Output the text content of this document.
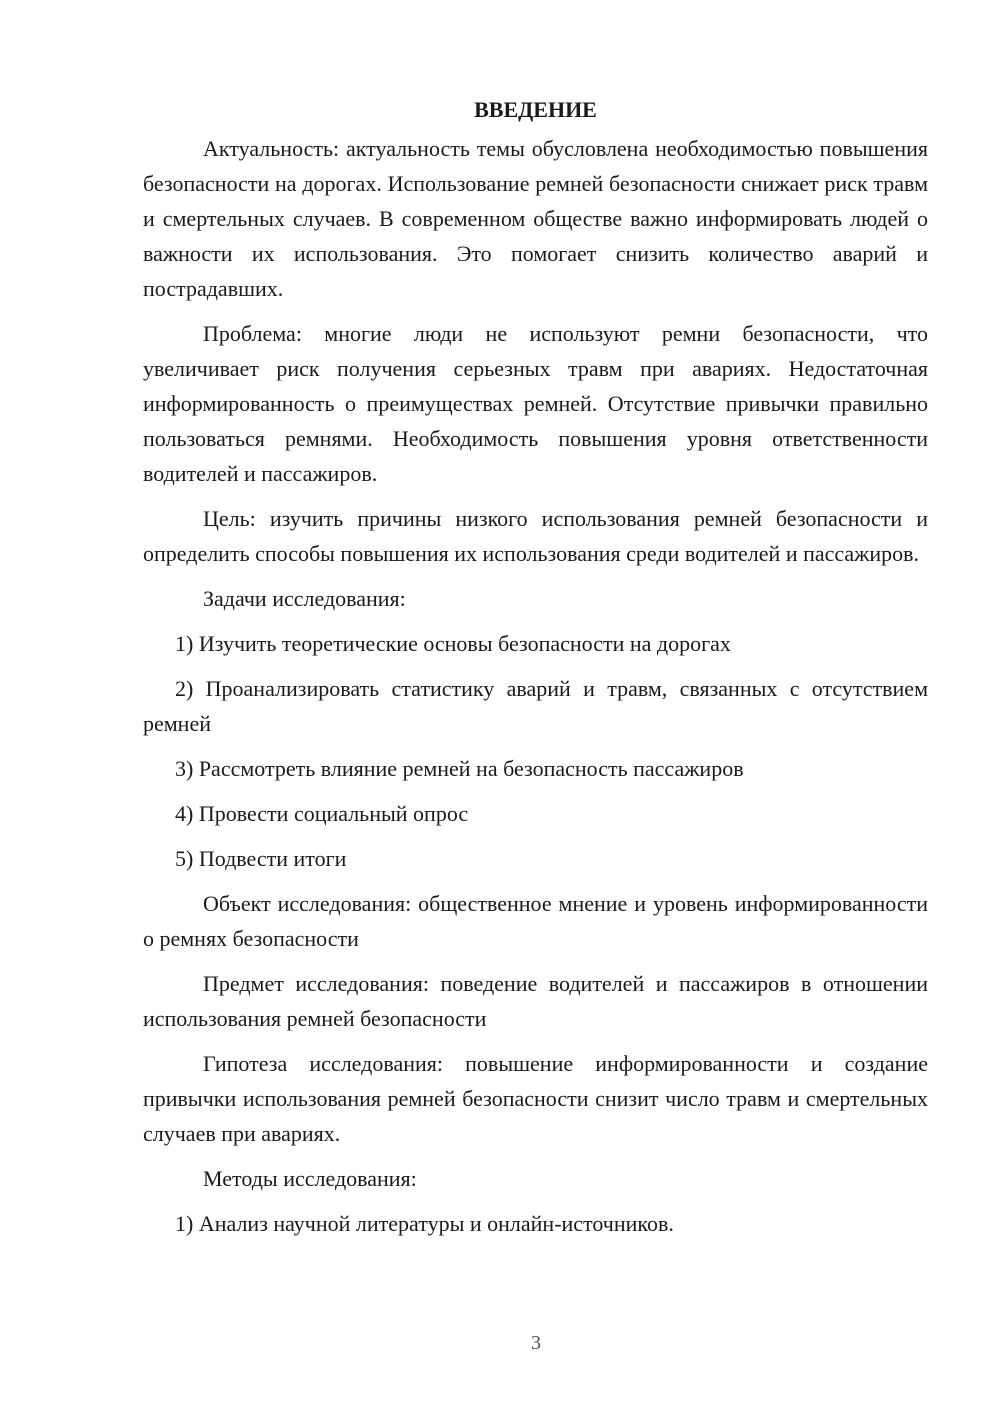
ВВЕДЕНИЕ

Актуальность: актуальность темы обусловлена необходимостью повышения безопасности на дорогах. Использование ремней безопасности снижает риск травм и смертельных случаев. В современном обществе важно информировать людей о важности их использования. Это помогает снизить количество аварий и пострадавших.

Проблема: многие люди не используют ремни безопасности, что увеличивает риск получения серьезных травм при авариях. Недостаточная информированность о преимуществах ремней. Отсутствие привычки правильно пользоваться ремнями. Необходимость повышения уровня ответственности водителей и пассажиров.

Цель: изучить причины низкого использования ремней безопасности и определить способы повышения их использования среди водителей и пассажиров.

Задачи исследования:

1) Изучить теоретические основы безопасности на дорогах

2) Проанализировать статистику аварий и травм, связанных с отсутствием ремней

3) Рассмотреть влияние ремней на безопасность пассажиров

4) Провести социальный опрос

5) Подвести итоги

Объект исследования: общественное мнение и уровень информированности о ремнях безопасности

Предмет исследования: поведение водителей и пассажиров в отношении использования ремней безопасности

Гипотеза исследования: повышение информированности и создание привычки использования ремней безопасности снизит число травм и смертельных случаев при авариях.

Методы исследования:

1) Анализ научной литературы и онлайн-источников.

3
